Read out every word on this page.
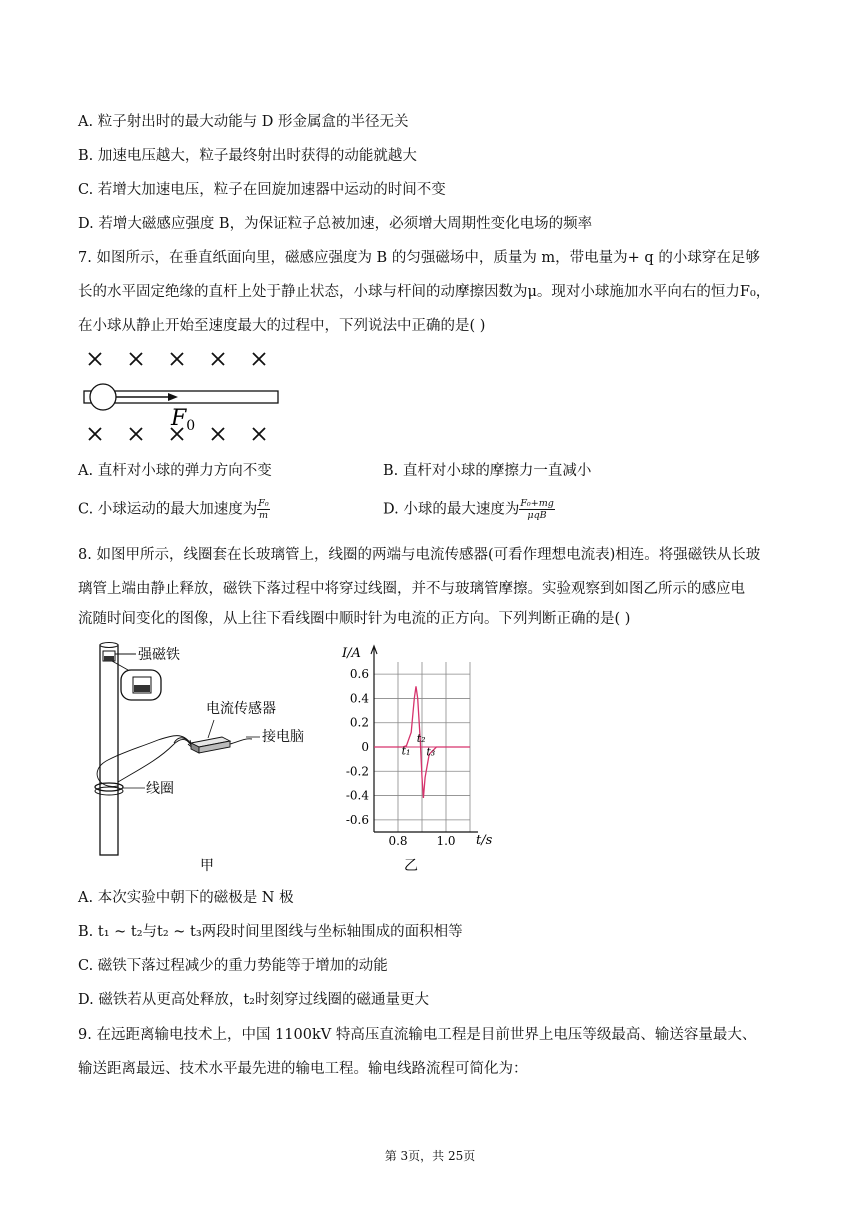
A. 粒子射出时的最大动能与 D 形金属盒的半径无关
B. 加速电压越大，粒子最终射出时获得的动能就越大
C. 若增大加速电压，粒子在回旋加速器中运动的时间不变
D. 若增大磁感应强度 B，为保证粒子总被加速，必须增大周期性变化电场的频率
7. 如图所示，在垂直纸面向里，磁感应强度为 B 的匀强磁场中，质量为 m，带电量为+ q 的小球穿在足够
长的水平固定绝缘的直杆上处于静止状态，小球与杆间的动摩擦因数为μ。现对小球施加水平向右的恒力F₀，
在小球从静止开始至速度最大的过程中，下列说法中正确的是( )
$F_0$
A. 直杆对小球的弹力方向不变	B. 直杆对小球的摩擦力一直减小
C. 小球运动的最大加速度为 $\frac{\text{F₀}}{m}$	D. 小球的最大速度为 $\frac{\text{F₀+mg}}{\text{μqB}}$
8. 如图甲所示，线圈套在长玻璃管上，线圈的两端与电流传感器(可看作理想电流表)相连。将强磁铁从长玻
璃管上端由静止释放，磁铁下落过程中将穿过线圈，并不与玻璃管摩擦。实验观察到如图乙所示的感应电
流随时间变化的图像，从上往下看线圈中顺时针为电流的正方向。下列判断正确的是( )
强磁铁
电流传感器
接电脑
线圈
甲
I/A
t/s
乙
0.6
0.4
0.2
0
-0.2
-0.4
-0.6
0.8 1.0
t₁
t₂
t₃
A. 本次实验中朝下的磁极是 N 极
B. t₁ ~ t₂与t₂ ~ t₃两段时间里图线与坐标轴围成的面积相等
C. 磁铁下落过程减少的重力势能等于增加的动能
D. 磁铁若从更高处释放，t₂时刻穿过线圈的磁通量更大
9. 在远距离输电技术上，中国 1100kV 特高压直流输电工程是目前世界上电压等级最高、输送容量最大、
输送距离最远、技术水平最先进的输电工程。输电线路流程可简化为：
第 3页，共 25页
